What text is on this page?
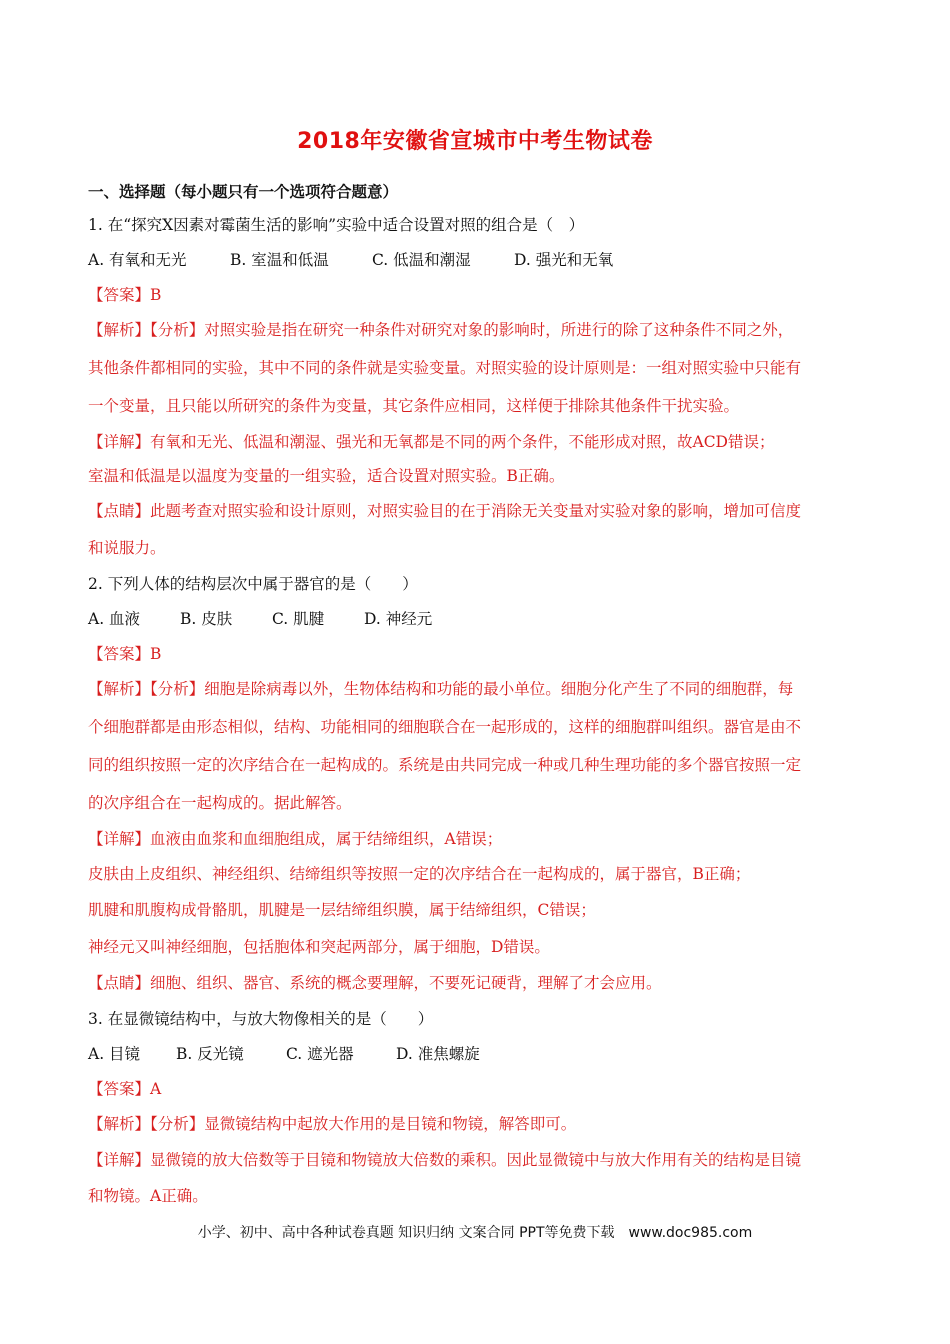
2018年安徽省宣城市中考生物试卷
一、选择题（每小题只有一个选项符合题意）
1. 在“探究X因素对霉菌生活的影响”实验中适合设置对照的组合是（　）
A. 有氧和无光	B. 室温和低温	C. 低温和潮湿	D. 强光和无氧
【答案】B
【解析】【分析】对照实验是指在研究一种条件对研究对象的影响时，所进行的除了这种条件不同之外，
其他条件都相同的实验，其中不同的条件就是实验变量。对照实验的设计原则是：一组对照实验中只能有
一个变量，且只能以所研究的条件为变量，其它条件应相同，这样便于排除其他条件干扰实验。
【详解】有氧和无光、低温和潮湿、强光和无氧都是不同的两个条件，不能形成对照，故ACD错误；
室温和低温是以温度为变量的一组实验，适合设置对照实验。B正确。
【点睛】此题考查对照实验和设计原则，对照实验目的在于消除无关变量对实验对象的影响，增加可信度
和说服力。
2. 下列人体的结构层次中属于器官的是（　　）
A. 血液	B. 皮肤	C. 肌腱	D. 神经元
【答案】B
【解析】【分析】细胞是除病毒以外，生物体结构和功能的最小单位。细胞分化产生了不同的细胞群，每
个细胞群都是由形态相似，结构、功能相同的细胞联合在一起形成的，这样的细胞群叫组织。器官是由不
同的组织按照一定的次序结合在一起构成的。系统是由共同完成一种或几种生理功能的多个器官按照一定
的次序组合在一起构成的。据此解答。
【详解】血液由血浆和血细胞组成，属于结缔组织，A错误；
皮肤由上皮组织、神经组织、结缔组织等按照一定的次序结合在一起构成的，属于器官，B正确；
肌腱和肌腹构成骨骼肌，肌腱是一层结缔组织膜，属于结缔组织，C错误；
神经元又叫神经细胞，包括胞体和突起两部分，属于细胞，D错误。
【点睛】细胞、组织、器官、系统的概念要理解，不要死记硬背，理解了才会应用。
3. 在显微镜结构中，与放大物像相关的是（　　）
A. 目镜 B. 反光镜	C. 遮光器	D. 准焦螺旋
【答案】A
【解析】【分析】显微镜结构中起放大作用的是目镜和物镜，解答即可。
【详解】显微镜的放大倍数等于目镜和物镜放大倍数的乘积。因此显微镜中与放大作用有关的结构是目镜
和物镜。A正确。
小学、初中、高中各种试卷真题 知识归纳 文案合同 PPT等免费下载　www.doc985.com
